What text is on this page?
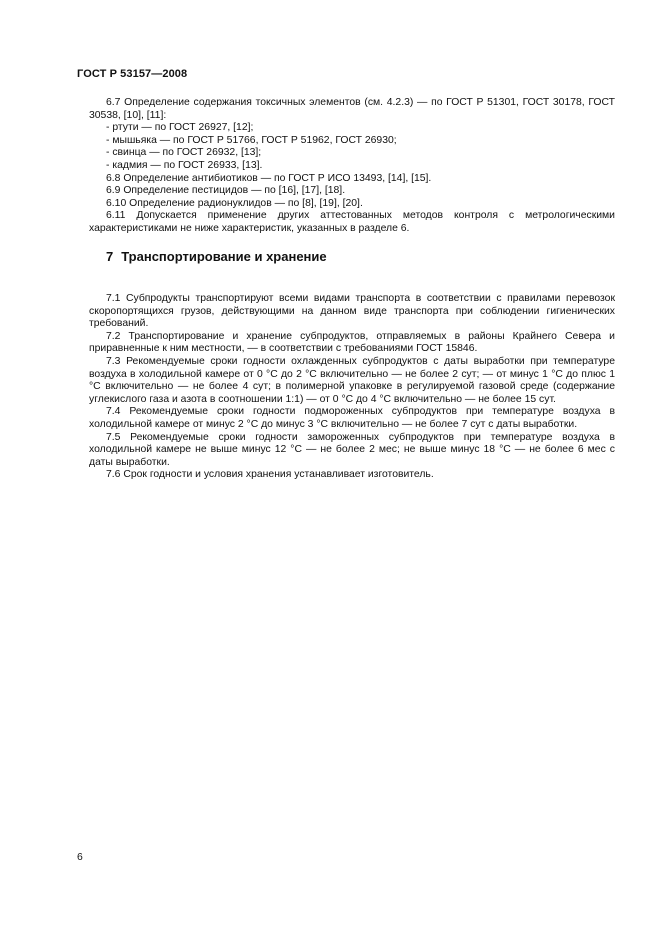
ГОСТ Р 53157—2008

6.7 Определение содержания токсичных элементов (см. 4.2.3) — по ГОСТ Р 51301, ГОСТ 30178, ГОСТ 30538, [10], [11]:

- ртути — по ГОСТ 26927, [12];

- мышьяка — по ГОСТ Р 51766, ГОСТ Р 51962, ГОСТ 26930;

- свинца — по ГОСТ 26932, [13];

- кадмия — по ГОСТ 26933, [13].

6.8 Определение антибиотиков — по ГОСТ Р ИСО 13493, [14], [15].

6.9 Определение пестицидов — по [16], [17], [18].

6.10 Определение радионуклидов — по [8], [19], [20].

6.11 Допускается применение других аттестованных методов контроля с метрологическими характеристиками не ниже характеристик, указанных в разделе 6.

7 Транспортирование и хранение

7.1 Субпродукты транспортируют всеми видами транспорта в соответствии с правилами перевозок скоропортящихся грузов, действующими на данном виде транспорта при соблюдении гигиенических требований.

7.2 Транспортирование и хранение субпродуктов, отправляемых в районы Крайнего Севера и приравненные к ним местности, — в соответствии с требованиями ГОСТ 15846.

7.3 Рекомендуемые сроки годности охлажденных субпродуктов с даты выработки при температуре воздуха в холодильной камере от 0 °С до 2 °С включительно — не более 2 сут; — от минус 1 °С до плюс 1 °С включительно — не более 4 сут; в полимерной упаковке в регулируемой газовой среде (содержание углекислого газа и азота в соотношении 1:1) — от 0 °С до 4 °С включительно — не более 15 сут.

7.4 Рекомендуемые сроки годности подмороженных субпродуктов при температуре воздуха в холодильной камере от минус 2 °С до минус 3 °С включительно — не более 7 сут с даты выработки.

7.5 Рекомендуемые сроки годности замороженных субпродуктов при температуре воздуха в холодильной камере не выше минус 12 °С — не более 2 мес; не выше минус 18 °С — не более 6 мес с даты выработки.

7.6 Срок годности и условия хранения устанавливает изготовитель.

6
